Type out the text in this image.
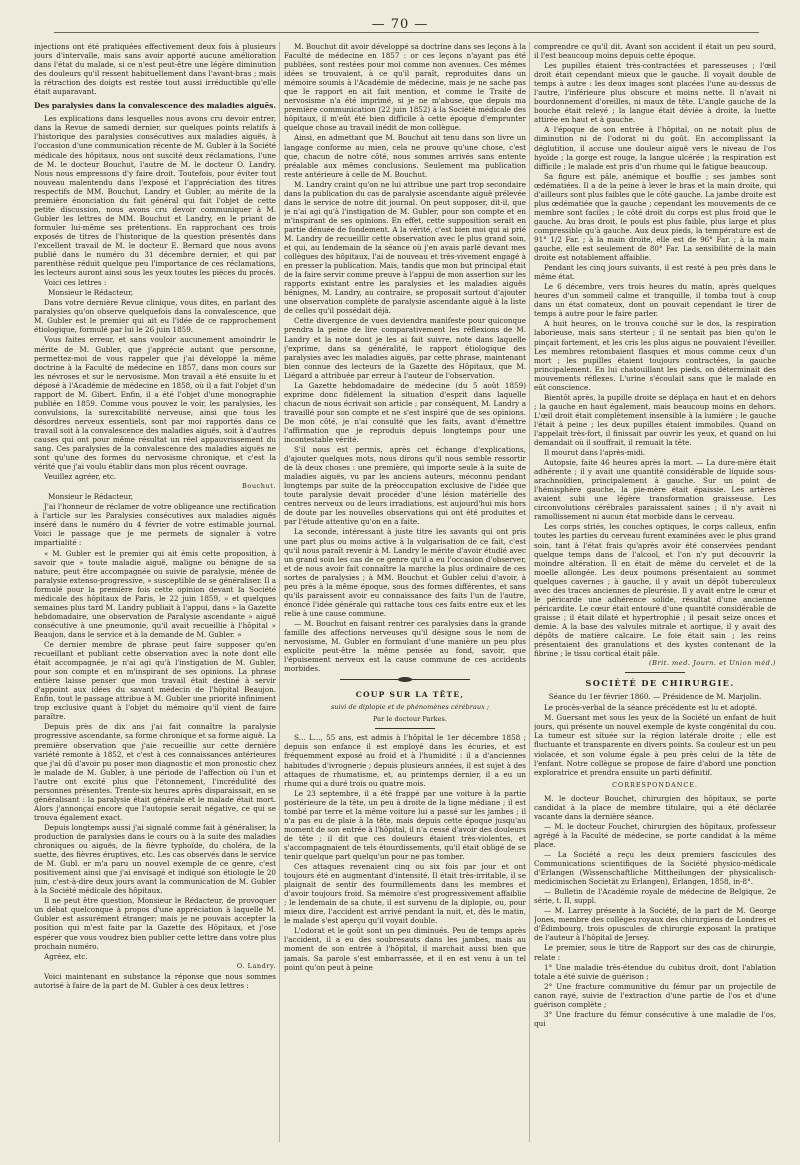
— 70 —

injections ont été pratiquées effectivement deux fois à plusieurs jours d'intervalle, mais sans avoir apporté aucune amélioration dans l'état du malade, si ce n'est peut-être une légère diminution des douleurs qu'il ressent habituellement dans l'avant-bras ; mais la rétraction des doigts est restée tout aussi irréductible qu'elle était auparavant.

Des paralysies dans la convalescence des maladies aiguës.

Les explications dans lesquelles nous avons cru devoir entrer, dans la Revue de samedi dernier, sur quelques points relatifs à l'historique des paralysies consécutives aux maladies aiguës, à l'occasion d'une communication récente de M. Gubler à la Société médicale des hôpitaux, nous ont suscité deux réclamations, l'une de M. le docteur Bouchut, l'autre de M. le docteur O. Landry. Nous nous empressons d'y faire droit. Toutefois, pour éviter tout nouveau malentendu dans l'exposé et l'appréciation des titres respectifs de MM. Bouchut, Landry et Gubler, au mérite de la première énonciation du fait général qui fait l'objet de cette petite discussion, nous avons cru devoir communiquer à M. Gubler les lettres de MM. Bouchut et Landry, en le priant de formuler lui-même ses prétentions. En rapprochant ces trois exposés de titres de l'historique de la question présentés dans l'excellent travail de M. le docteur E. Bernard que nous avons publié dans le numéro du 31 décembre dernier, et qui par parenthèse réduit quelque peu l'importance de ces réclamations, les lecteurs auront ainsi sous les yeux toutes les pièces du procès.

Voici ces lettres :

Monsieur le Rédacteur,

Dans votre dernière Revue clinique, vous dites, en parlant des paralysies qu'on observe quelquefois dans la convalescence, que M. Gubler est le premier qui ait eu l'idée de ce rapprochement étiologique, formulé par lui le 26 juin 1859.

Vous faites erreur, et sans vouloir aucunement amoindrir le mérite de M. Gubler, que j'apprécie autant que personne, permettez-moi de vous rappeler que j'ai développé la même doctrine à la Faculté de médecine en 1857, dans mon cours sur les névroses et sur le nervosisme. Mon travail a été ensuite lu et déposé à l'Académie de médecine en 1858, où il a fait l'objet d'un rapport de M. Gibert. Enfin, il a été l'objet d'une monographie publiée en 1859. Comme vous pouvez le voir, les paralysies, les convulsions, la surexcitabilité nerveuse, ainsi que tous les désordres nerveux essentiels, sont par moi rapportés dans ce travail soit à la convalescence des maladies aiguës, soit à d'autres causes qui ont pour même résultat un réel appauvrissement du sang. Ces paralysies de la convalescence des maladies aiguës ne sont qu'une des formes du nervosisme chronique, et c'est la vérité que j'ai voulu établir dans mon plus récent ouvrage.

Veuillez agréer, etc.

Bouchut.

Monsieur le Rédacteur,

J'ai l'honneur de réclamer de votre obligeance une rectification à l'article sur les Paralysies consécutives aux maladies aiguës inséré dans le numéro du 4 février de votre estimable journal. Voici le passage que je me permets de signaler à votre impartialité :

« M. Gubler est le premier qui ait émis cette proposition, à savoir que » toute maladie aiguë, maligne ou bénigne de sa nature, peut être accompagnée ou suivie de paralysie, ménée de paralysie extenso-progressive, » susceptible de se généraliser. Il a formulé pour la première fois cette opinion devant la Société médicale des hôpitaux de Paris, le 22 juin 1859, » et quelques semaines plus tard M. Landry publiait à l'appui, dans » la Gazette hebdomadaire, une observation de Paralysie ascendante » aiguë consécutive à une pneumonie, qu'il avait recueillie à l'hôpital » Beaujon, dans le service et à la demande de M. Gubler. »

Ce dernier membre de phrase peut faire supposer qu'en recueillant et publiant cette observation avec la note dont elle était accompagnée, je n'ai agi qu'à l'instigation de M. Gubler, pour son compte et en m'inspirant de ses opinions. La phrase entière laisse penser que mon travail était destiné à servir d'appoint aux idées du savant médecin de l'hôpital Beaujon. Enfin, tout le passage attribue à M. Gubler une priorité infiniment trop exclusive quant à l'objet du mémoire qu'il vient de faire paraître.

Depuis près de dix ans j'ai fait connaître la paralysie progressive ascendante, sa forme chronique et sa forme aiguë. La première observation que j'aie recueillie sur cette dernière variété remonte à 1852, et c'est à ces connaissances antérieures que j'ai dû d'avoir pu poser mon diagnostic et mon pronostic chez le malade de M. Gubler, à une période de l'affection où l'un et l'autre ont excité plus que l'étonnement, l'incrédulité des personnes présentes. Trente-six heures après disparaissait, en se généralisant : la paralysie était générale et le malade était mort. Alors j'annonçai encore que l'autopsie serait négative, ce qui se trouva également exact.

Depuis longtemps aussi j'ai signalé comme fait à généraliser, la production de paralysies dans le cours ou à la suite des maladies chroniques ou aiguës, de la fièvre typhoïde, du choléra, de la suette, des fièvres éruptives, etc. Les cas observés dans le service de M. Gubl. er m'a paru un nouvel exemple de ce genre, c'est positivement ainsi que j'ai envisagé et indiqué son étiologie le 20 juin, c'est-à-dire deux jours avant la communication de M. Gubler à la Société médicale des hôpitaux.

Il ne peut être question, Monsieur le Rédacteur, de provoquer un débat quelconque à propos d'une appréciation à laquelle M. Gubler est assurément étranger; mais je ne pouvais accepter la position qui m'est faite par la Gazette des Hôpitaux, et j'ose espérer que vous voudrez bien publier cette lettre dans votre plus prochain numéro.

Agréez, etc.

O. Landry.

Voici maintenant en substance la réponse que nous sommes autorisé à faire de la part de M. Gubler à ces deux lettres :

M. Bouchut dit avoir développé sa doctrine dans ses leçons à la Faculté de médecine en 1857 : or ces leçons n'ayant pas été publiées, sont restées pour moi comme non avenues. Ces mêmes idées se trouvaient, à ce qu'il paraît, reproduites dans un mémoire soumis à l'Académie de médecine, mais je ne sache pas que le rapport en ait fait mention, et comme le Traité de nervosisme n'a été imprimé, si je ne m'abuse, que depuis ma première communication (22 juin 1852) à la Société médicale des hôpitaux, il m'eût été bien difficile à cette époque d'emprunter quelque chose au travail inédit de mon collègue.

Ainsi, en admettant que M. Bouchut ait tenu dans son livre un langage conforme au mien, cela ne prouve qu'une chose, c'est que, chacun de notre côté, nous sommes arrivés sans entente préalable aux mêmes conclusions. Seulement ma publication reste antérieure à celle de M. Bouchut.

M. Landry craint qu'on ne lui attribue une part trop secondaire dans la publication du cas de paralysie ascendante aiguë prélevée dans le service de notre dit journal. On peut supposer, dit-il, que je n'ai agi qu'à l'instigation de M. Gubler, pour son compte et en m'inspirant de ses opinions. En effet, cette supposition serait en partie dénuée de fondement. A la vérité, c'est bien moi qui ai prié M. Landry de recueillir cette observation avec le plus grand soin, et qui, au lendemain de la séance où j'en avais parlé devant mes collègues des hôpitaux, l'ai de nouveau et très-vivement engagé à en presser la publication. Mais, tandis que mon but principal était de la faire servir comme preuve à l'appui de mon assertion sur les rapports existant entre les paralysies et les maladies aiguës bénignes, M. Landry, au contraire, se proposait surtout d'ajouter une observation complète de paralysie ascendante aiguë à la liste de celles qu'il possédait déjà.

Cette divergence de vues deviendra manifeste pour quiconque prendra la peine de lire comparativement les réflexions de M. Landry et la note dont je les ai fait suivre, note dans laquelle j'exprime, dans sa généralité, le rapport étiologique des paralysies avec les maladies aiguës, par cette phrase, maintenant bien connue des lecteurs de la Gazette des Hôpitaux, que M. Liégard a attribuée par erreur à l'auteur de l'observation.

La Gazette hebdomadaire de médecine (du 5 août 1859) exprime donc fidèlement la situation d'esprit dans laquelle chacun de nous écrivait son article ; par conséquent, M. Landry a travaillé pour son compte et ne s'est inspiré que de ses opinions. De mon côté, je n'ai consulté que les faits, avant d'émettre l'affirmation que je reproduis depuis longtemps pour une incontestable vérité.

S'il nous est permis, après cet échange d'explications, d'ajouter quelques mots, nous dirons qu'il nous semble ressortir de là deux choses : une première, qui importe seule à la suite de maladies aiguës, vu par les anciens auteurs, méconnu pendant longtemps par suite de la préoccupation exclusive de l'idée que toute paralysie devait procéder d'une lésion matérielle des centres nerveux ou de leurs irradiations, est aujourd'hui mis hors de doute par les nouvelles observations qui ont été produites et par l'étude attentive qu'on en a faite.

La seconde, intéressant à juste titre les savants qui ont pris une part plus ou moins active à la vulgarisation de ce fait, c'est qu'il nous paraît revenir à M. Landry le mérite d'avoir étudié avec un grand soin les cas de ce genre qu'il a eu l'occasion d'observer, et de nous avoir fait connaître la marche la plus ordinaire de ces sortes de paralysies ; à MM. Bouchut et Gubler celui d'avoir, à peu près à la même époque, sous des formes différentes, et sans qu'ils paraissent avoir eu connaissance des faits l'un de l'autre, énoncé l'idée générale qui rattache tous ces faits entre eux et les relie à une cause commune.

— M. Bouchut en faisant rentrer ces paralysies dans la grande famille des affections nerveuses qu'il désigne sous le nom de nervosisme, M. Gubler en formulant d'une manière un peu plus explicite peut-être la même pensée au fond, savoir, que l'épuisement nerveux est la cause commune de ces accidents morbides.

COUP SUR LA TÊTE,

suivi de diplopie et de phénomènes cérébraux ;

Par le docteur Parkes.

S... L..., 55 ans, est admis à l'hôpital le 1er décembre 1858 ; depuis son enfance il est employé dans les écuries, et est fréquemment exposé au froid et à l'humidité : il a d'anciennes habitudes d'ivrognerie ; depuis plusieurs années, il est sujet à des attaques de rhumatisme, et, au printemps dernier, il a eu un rhume qui a duré trois ou quatre mois.

Le 23 septembre, il a été frappé par une voiture à la partie postérieure de la tête, un peu à droite de la ligne médiane ; il est tombé par terre et la même voiture lui a passé sur les jambes ; il n'a pas eu de plaie à la tête, mais depuis cette époque jusqu'au moment de son entrée à l'hôpital, il n'a cessé d'avoir des douleurs de tête ; il dit que ces douleurs étaient très-violentes, et s'accompagnaient de tels étourdissements, qu'il était obligé de se tenir quelque part quelqu'un pour ne pas tomber.

Ces attaques revenaient cinq ou six fois par jour et ont toujours été en augmentant d'intensité. Il était très-irritable, il se plaignait de sentir des fourmillements dans les membres et d'avoir toujours froid. Sa mémoire s'est progressivement affaiblie ; le lendemain de sa chute, il est survenu de la diplopie, ou, pour mieux dire, l'accident est arrivé pendant la nuit, et, dès le matin, le malade s'est aperçu qu'il voyait double.

L'odorat et le goût sont un peu diminués. Peu de temps après l'accident, il a eu des soubresauts dans les jambes, mais au moment de son entrée à l'hôpital, il marchait aussi bien que jamais. Sa parole s'est embarrassée, et il en est venu à un tel point qu'on peut à peine

comprendre ce qu'il dit. Avant son accident il était un peu sourd, il l'est beaucoup moins depuis cette époque.

Les pupilles étaient très-contractées et paresseuses ; l'œil droit était cependant mieux que le gauche. Il voyait double de temps à autre : les deux images sont placées l'une au-dessus de l'autre, l'inférieure plus obscure et moins nette. Il n'avait ni bourdonnement d'oreilles, ni maux de tête. L'angle gauche de la bouche était relevé ; la langue était déviée à droite, la luette attirée en haut et à gauche.

A l'époque de son entrée à l'hôpital, on ne notait plus de diminution ni de l'odorat ni du goût. En accomplissant la déglutition, il accuse une douleur aiguë vers le niveau de l'os hyoïde ; la gorge est rouge, la langue ulcérée ; la respiration est difficile ; le malade est pris d'un rhume qui le fatigue beaucoup.

Sa figure est pâle, anémique et bouffie ; ses jambes sont œdématiées. Il a de la peine à lever le bras et la main droite, qui d'ailleurs sont plus faibles que le côté gauche. La jambe droite est plus œdématiée que la gauche ; cependant les mouvements de ce membre sont faciles ; le côté droit du corps est plus froid que le gauche. Au bras droit, le pouls est plus faible, plus large et plus compressible qu'à gauche. Aux deux pieds, la température est de 91° 1/2 Far. ; à la main droite, elle est de 96° Far. ; à la main gauche, elle est seulement de 80° Far. La sensibilité de la main droite est notablement affaiblie.

Pendant les cinq jours suivants, il est resté à peu près dans le même état.

Le 6 décembre, vers trois heures du matin, après quelques heures d'un sommeil calme et tranquille, il tomba tout à coup dans un état comateux, dont on pouvait cependant le tirer de temps à autre pour le faire parler.

A huit heures, on le trouva couché sur le dos, la respiration laborieuse, mais sans sterteur ; il ne sentait pas bien qu'on le pinçait fortement, et les cris les plus aigus ne pouvaient l'éveiller. Les membres retombaient flasques et mous comme ceux d'un mort ; les pupilles étaient toujours contractées, la gauche principalement. En lui chatouillant les pieds, on déterminait des mouvements réflexes. L'urine s'écoulait sans que le malade en eût conscience.

Bientôt après, la pupille droite se déplaça en haut et en dehors ; la gauche en haut également, mais beaucoup moins en dehors. L'œil droit était complètement insensible à la lumière ; le gauche l'était à peine ; les deux pupilles étaient immobiles. Quand on l'appelait très-fort, il finissait par ouvrir les yeux, et quand on lui demandait où il souffrait, il remuait la tête.

Il mourut dans l'après-midi.

Autopsie, faite 46 heures après la mort. — La dure-mère était adhérente ; il y avait une quantité considérable de liquide sous-arachnoïdien, principalement à gauche. Sur un point de l'hémisphère gauche, la pie-mère était épaissie. Les artères avaient subi une légère transformation graisseuse. Les circonvolutions cérébrales paraissaient saines ; il n'y avait ni ramollissement ni aucun état morbide dans le cerveau.

Les corps striés, les couches optiques, le corps calleux, enfin toutes les parties du cerveau furent examinées avec le plus grand soin, tant à l'état frais qu'après avoir été conservées pendant quelque temps dans de l'alcool, et l'on n'y put découvrir la moindre altération. Il en était de même du cervelet et de la moelle allongée. Les deux poumons présentaient au sommet quelques cavernes ; à gauche, il y avait un dépôt tuberculeux avec des traces anciennes de pleurésie. Il y avait entre le cœur et le péricarde une adhérence solide, résultat d'une ancienne péricardite. Le cœur était entouré d'une quantité considérable de graisse ; il était dilaté et hypertrophié ; il pesait seize onces et demie. A la base des valvules mitrale et aortique, il y avait des dépôts de matière calcaire. Le foie était sain ; les reins présentaient des granulations et des kystes contenant de la fibrine ; le tissu cortical était pâle.

(Brit. med. Journ. et Union méd.)

SOCIÉTÉ DE CHIRURGIE.

Séance du 1er février 1860. — Présidence de M. Marjolin.

Le procès-verbal de la séance précédente est lu et adopté.

M. Guersant met sous les yeux de la Société un enfant de huit jours, qui présente un nouvel exemple de kyste congénital du cou. La tumeur est située sur la région latérale droite ; elle est fluctuante et transparente en divers points. Sa couleur est un peu violacée, et son volume égale à peu près celui de la tête de l'enfant. Notre collègue se propose de faire d'abord une ponction exploratrice et prendra ensuite un parti définitif.

CORRESPONDANCE.

M. le docteur Bouchet, chirurgien des hôpitaux, se porte candidat à la place de membre titulaire, qui a été déclarée vacante dans la dernière séance.

— M. le docteur Fouchet, chirurgien des hôpitaux, professeur agrégé à la Faculté de médecine, se porte candidat à la même place.

— La Société a reçu les deux premiers fascicules des Communications scientifiques de la Société physico-médicale d'Erlangen (Wissenschaftliche Mittheilungen der physicalisch-medicinischen Societät zu Erlangen), Erlangen, 1858, in-8°.

— Bulletin de l'Académie royale de médecine de Belgique, 2e série, t. II, suppl.

— M. Larrey présente à la Société, de la part de M. George Jones, membre des collèges royaux des chirurgiens de Londres et d'Édimbourg, trois opuscules de chirurgie exposant la pratique de l'auteur à l'hôpital de Jersey.

Le premier, sous le titre de Rapport sur des cas de chirurgie, relate :

1° Une maladie très-étendue du cubitus droit, dont l'ablation totale a été suivie de guérison ;

2° Une fracture communitive du fémur par un projectile de canon rayé, suivie de l'extraction d'une partie de l'os et d'une guérison complète ;

3° Une fracture du fémur consécutive à une maladie de l'os, qui
